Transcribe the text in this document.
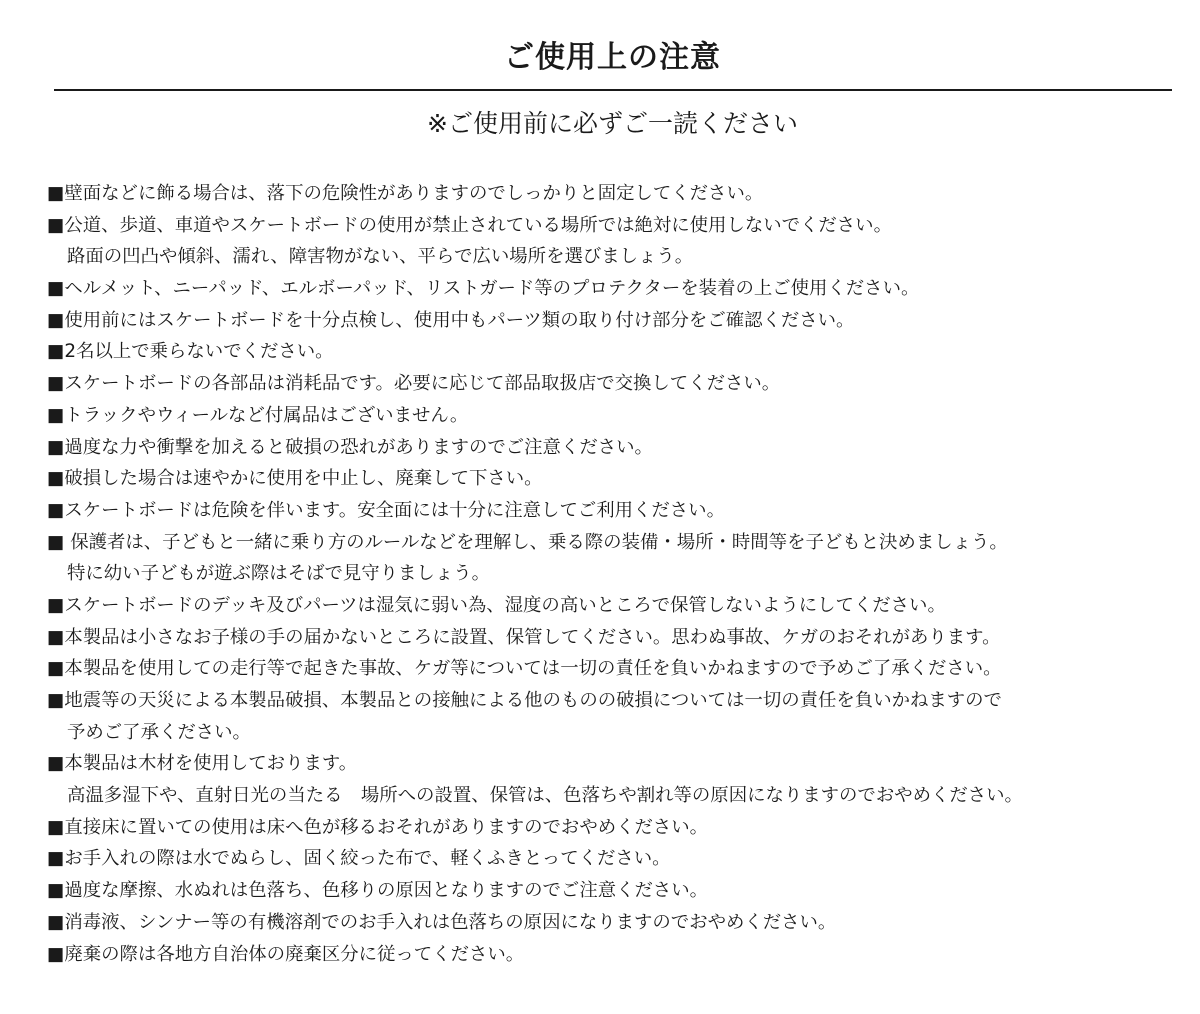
ご使用上の注意
※ご使用前に必ずご一読ください
■壁面などに飾る場合は、落下の危険性がありますのでしっかりと固定してください。
■公道、歩道、車道やスケートボードの使用が禁止されている場所では絶対に使用しないでください。
路面の凹凸や傾斜、濡れ、障害物がない、平らで広い場所を選びましょう。
■ヘルメット、ニーパッド、エルボーパッド、リストガード等のプロテクターを装着の上ご使用ください。
■使用前にはスケートボードを十分点検し、使用中もパーツ類の取り付け部分をご確認ください。
■2名以上で乗らないでください。
■スケートボードの各部品は消耗品です。必要に応じて部品取扱店で交換してください。
■トラックやウィールなど付属品はございません。
■過度な力や衝撃を加えると破損の恐れがありますのでご注意ください。
■破損した場合は速やかに使用を中止し、廃棄して下さい。
■スケートボードは危険を伴います。安全面には十分に注意してご利用ください。
■ 保護者は、子どもと一緒に乗り方のルールなどを理解し、乗る際の装備・場所・時間等を子どもと決めましょう。
特に幼い子どもが遊ぶ際はそばで見守りましょう。
■スケートボードのデッキ及びパーツは湿気に弱い為、湿度の高いところで保管しないようにしてください。
■本製品は小さなお子様の手の届かないところに設置、保管してください。思わぬ事故、ケガのおそれがあります。
■本製品を使用しての走行等で起きた事故、ケガ等については一切の責任を負いかねますので予めご了承ください。
■地震等の天災による本製品破損、本製品との接触による他のものの破損については一切の責任を負いかねますので
予めご了承ください。
■本製品は木材を使用しております。
高温多湿下や、直射日光の当たる　場所への設置、保管は、色落ちや割れ等の原因になりますのでおやめください。
■直接床に置いての使用は床へ色が移るおそれがありますのでおやめください。
■お手入れの際は水でぬらし、固く絞った布で、軽くふきとってください。
■過度な摩擦、水ぬれは色落ち、色移りの原因となりますのでご注意ください。
■消毒液、シンナー等の有機溶剤でのお手入れは色落ちの原因になりますのでおやめください。
■廃棄の際は各地方自治体の廃棄区分に従ってください。
